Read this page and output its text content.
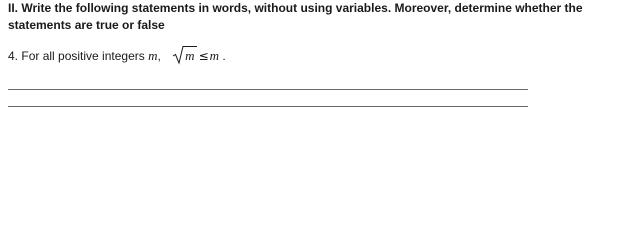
II. Write the following statements in words, without using variables. Moreover, determine whether the statements are true or false

4. For all positive integers m, m ≤m .
